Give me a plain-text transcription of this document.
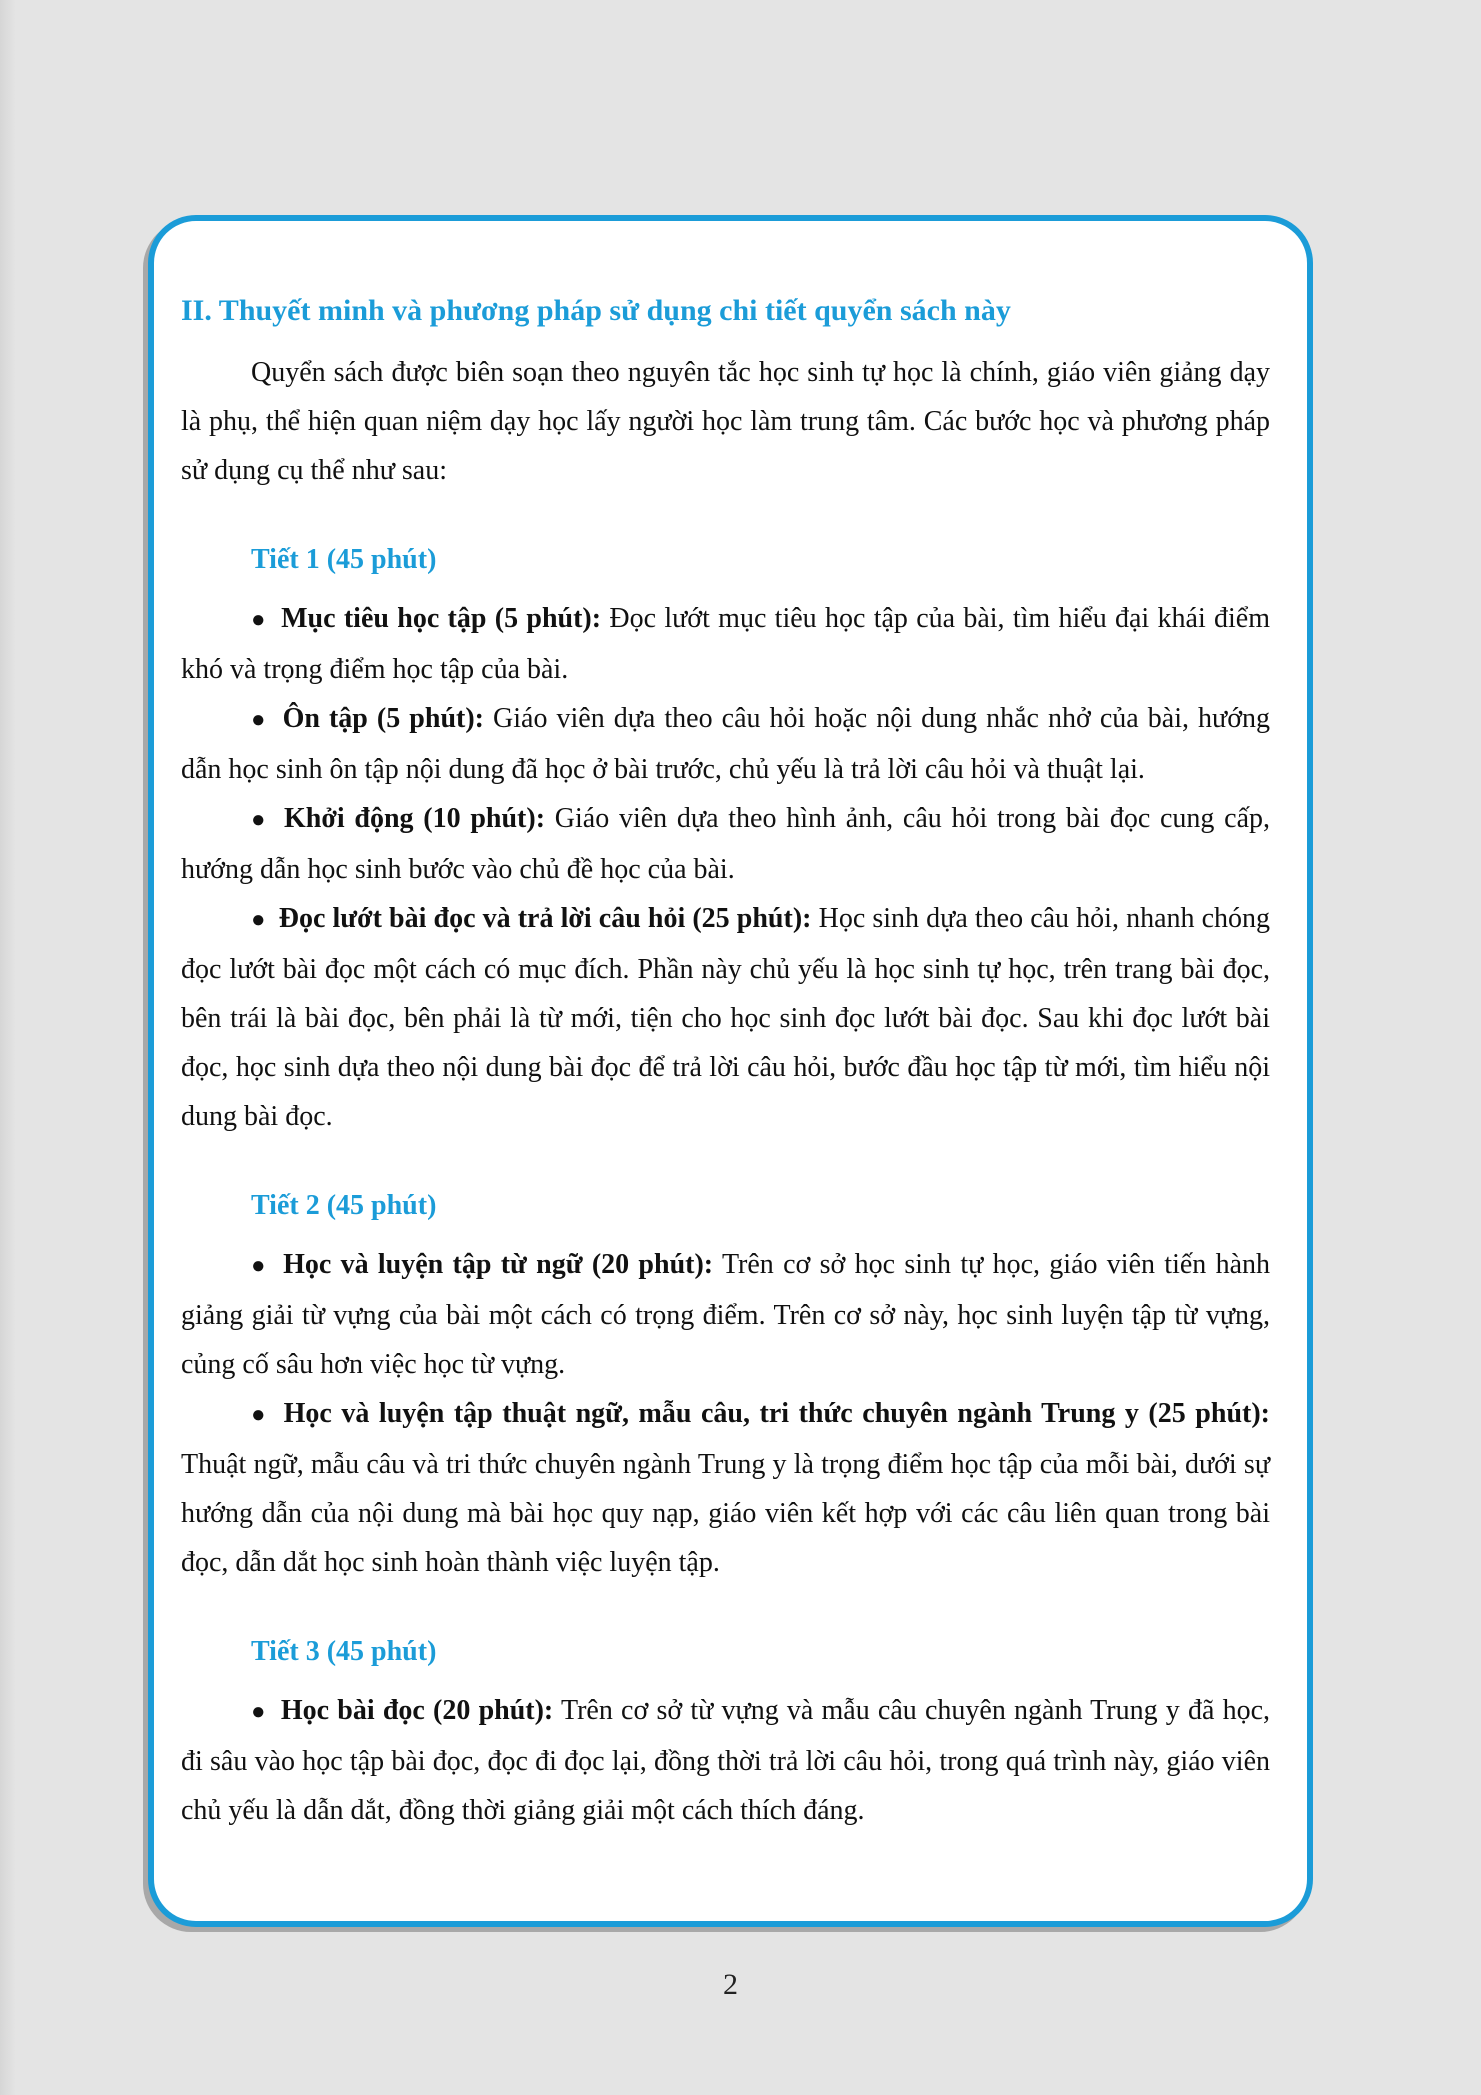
II. Thuyết minh và phương pháp sử dụng chi tiết quyển sách này

Quyển sách được biên soạn theo nguyên tắc học sinh tự học là chính, giáo viên giảng dạy là phụ, thể hiện quan niệm dạy học lấy người học làm trung tâm. Các bước học và phương pháp sử dụng cụ thể như sau:

Tiết 1 (45 phút)

● Mục tiêu học tập (5 phút): Đọc lướt mục tiêu học tập của bài, tìm hiểu đại khái điểm khó và trọng điểm học tập của bài.

● Ôn tập (5 phút): Giáo viên dựa theo câu hỏi hoặc nội dung nhắc nhở của bài, hướng dẫn học sinh ôn tập nội dung đã học ở bài trước, chủ yếu là trả lời câu hỏi và thuật lại.

● Khởi động (10 phút): Giáo viên dựa theo hình ảnh, câu hỏi trong bài đọc cung cấp, hướng dẫn học sinh bước vào chủ đề học của bài.

● Đọc lướt bài đọc và trả lời câu hỏi (25 phút): Học sinh dựa theo câu hỏi, nhanh chóng đọc lướt bài đọc một cách có mục đích. Phần này chủ yếu là học sinh tự học, trên trang bài đọc, bên trái là bài đọc, bên phải là từ mới, tiện cho học sinh đọc lướt bài đọc. Sau khi đọc lướt bài đọc, học sinh dựa theo nội dung bài đọc để trả lời câu hỏi, bước đầu học tập từ mới, tìm hiểu nội dung bài đọc.

Tiết 2 (45 phút)

● Học và luyện tập từ ngữ (20 phút): Trên cơ sở học sinh tự học, giáo viên tiến hành giảng giải từ vựng của bài một cách có trọng điểm. Trên cơ sở này, học sinh luyện tập từ vựng, củng cố sâu hơn việc học từ vựng.

● Học và luyện tập thuật ngữ, mẫu câu, tri thức chuyên ngành Trung y (25 phút): Thuật ngữ, mẫu câu và tri thức chuyên ngành Trung y là trọng điểm học tập của mỗi bài, dưới sự hướng dẫn của nội dung mà bài học quy nạp, giáo viên kết hợp với các câu liên quan trong bài đọc, dẫn dắt học sinh hoàn thành việc luyện tập.

Tiết 3 (45 phút)

● Học bài đọc (20 phút): Trên cơ sở từ vựng và mẫu câu chuyên ngành Trung y đã học, đi sâu vào học tập bài đọc, đọc đi đọc lại, đồng thời trả lời câu hỏi, trong quá trình này, giáo viên chủ yếu là dẫn dắt, đồng thời giảng giải một cách thích đáng.

2
